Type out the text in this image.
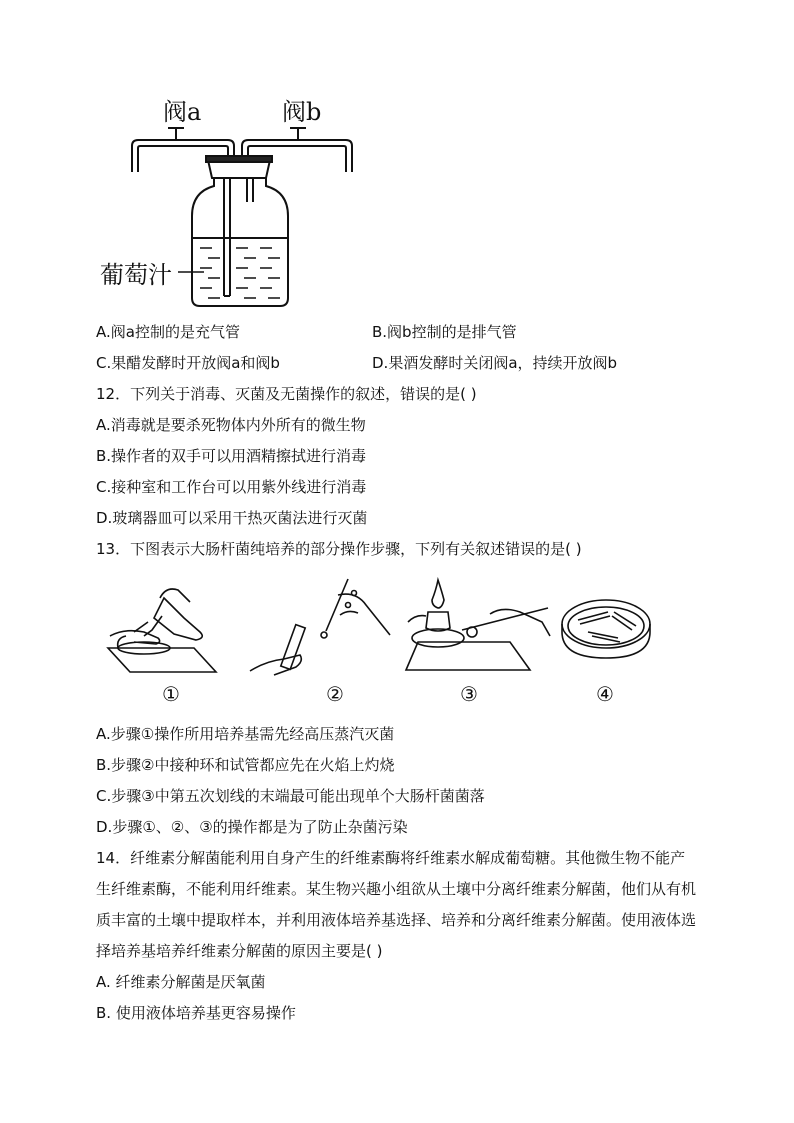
阀a	阀b
葡萄汁
A.阀a控制的是充气管	B.阀b控制的是排气管
C.果醋发酵时开放阀a和阀b	D.果酒发酵时关闭阀a，持续开放阀b
12．下列关于消毒、灭菌及无菌操作的叙述，错误的是( )
A.消毒就是要杀死物体内外所有的微生物
B.操作者的双手可以用酒精擦拭进行消毒
C.接种室和工作台可以用紫外线进行消毒
D.玻璃器皿可以采用干热灭菌法进行灭菌
13．下图表示大肠杆菌纯培养的部分操作步骤，下列有关叙述错误的是( )
①	②	③	④
A.步骤①操作所用培养基需先经高压蒸汽灭菌
B.步骤②中接种环和试管都应先在火焰上灼烧
C.步骤③中第五次划线的末端最可能出现单个大肠杆菌菌落
D.步骤①、②、③的操作都是为了防止杂菌污染
14．纤维素分解菌能利用自身产生的纤维素酶将纤维素水解成葡萄糖。其他微生物不能产生纤维素酶，不能利用纤维素。某生物兴趣小组欲从土壤中分离纤维素分解菌，他们从有机质丰富的土壤中提取样本，并利用液体培养基选择、培养和分离纤维素分解菌。使用液体选择培养基培养纤维素分解菌的原因主要是( )
A. 纤维素分解菌是厌氧菌
B. 使用液体培养基更容易操作
